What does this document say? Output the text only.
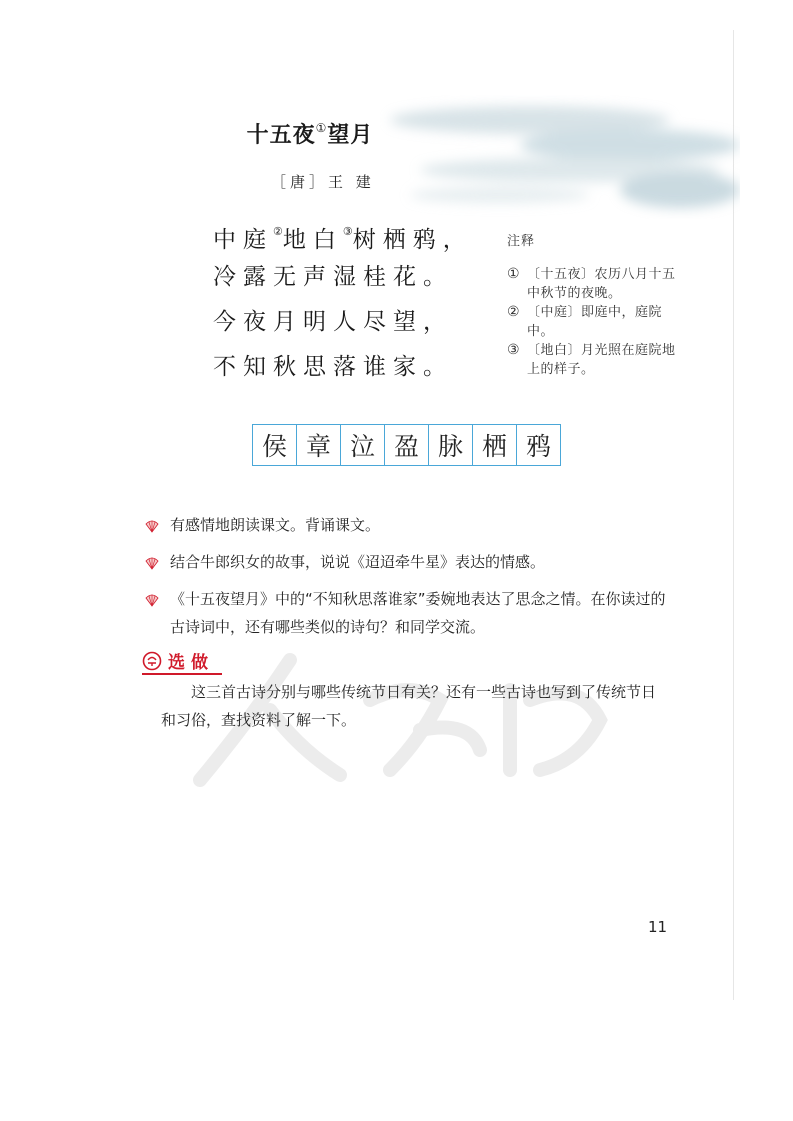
十五夜①望月
［唐］王 建
中庭②地白③树栖鸦，
冷露无声湿桂花。
今夜月明人尽望，
不知秋思落谁家。
注释
① 〔十五夜〕农历八月十五中秋节的夜晚。
② 〔中庭〕即庭中，庭院中。
③ 〔地白〕月光照在庭院地上的样子。
侯 章 泣 盈 脉 栖 鸦
有感情地朗读课文。背诵课文。
结合牛郎织女的故事，说说《迢迢牵牛星》表达的情感。
《十五夜望月》中的“不知秋思落谁家”委婉地表达了思念之情。在你读过的古诗词中，还有哪些类似的诗句？和同学交流。
选做
这三首古诗分别与哪些传统节日有关？还有一些古诗也写到了传统节日和习俗，查找资料了解一下。
11
